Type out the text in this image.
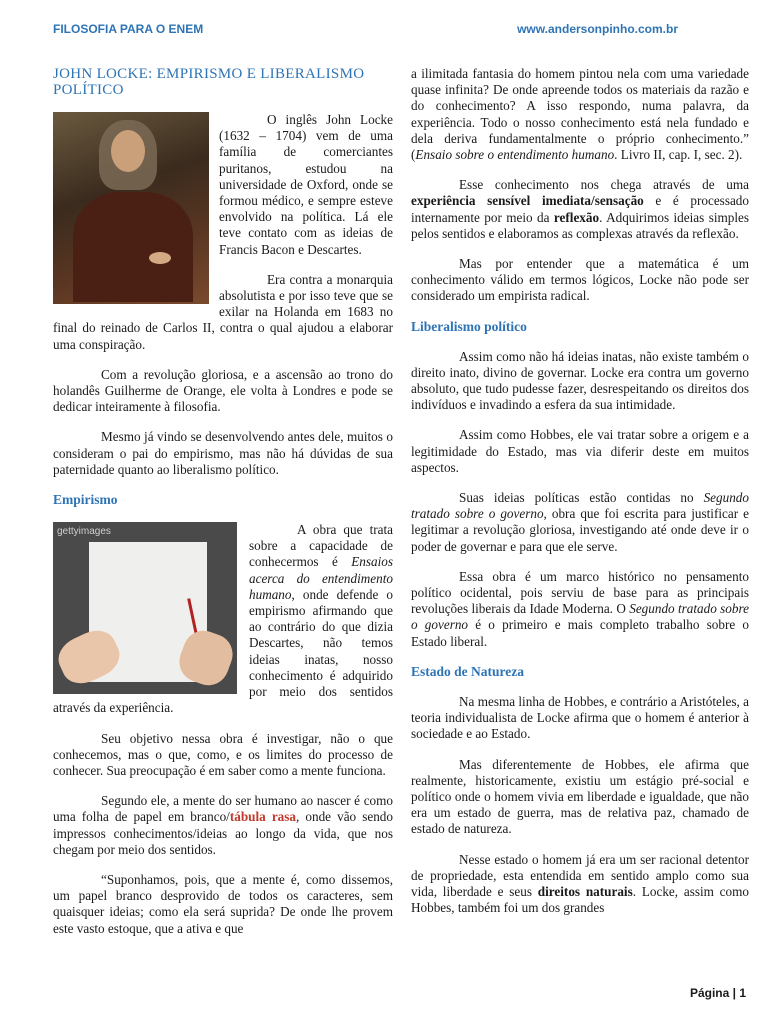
FILOSOFIA PARA O ENEM	www.andersonpinho.com.br
JOHN LOCKE: EMPIRISMO E LIBERALISMO POLÍTICO

O inglês John Locke (1632 – 1704) vem de uma família de comerciantes puritanos, estudou na universidade de Oxford, onde se formou médico, e sempre esteve envolvido na política. Lá ele teve contato com as ideias de Francis Bacon e Descartes.

Era contra a monarquia absolutista e por isso teve que se exilar na Holanda em 1683 no final do reinado de Carlos II, contra o qual ajudou a elaborar uma conspiração.

Com a revolução gloriosa, e a ascensão ao trono do holandês Guilherme de Orange, ele volta à Londres e pode se dedicar inteiramente à filosofia.

Mesmo já vindo se desenvolvendo antes dele, muitos o consideram o pai do empirismo, mas não há dúvidas de sua paternidade quanto ao liberalismo político.

Empirismo
gettyimages	A obra que trata sobre a capacidade de conhecermos é Ensaios acerca do entendimento humano, onde defende o empirismo afirmando que ao contrário do que dizia Descartes, não temos ideias inatas, nosso conhecimento é adquirido por meio dos sentidos através da experiência.

Seu objetivo nessa obra é investigar, não o que conhecemos, mas o que, como, e os limites do processo de conhecer. Sua preocupação é em saber como a mente funciona.

Segundo ele, a mente do ser humano ao nascer é como uma folha de papel em branco/tábula rasa, onde vão sendo impressos conhecimentos/ideias ao longo da vida, que nos chegam por meio dos sentidos.

“Suponhamos, pois, que a mente é, como dissemos, um papel branco desprovido de todos os caracteres, sem quaisquer ideias; como ela será suprida? De onde lhe provem este vasto estoque, que a ativa e que

a ilimitada fantasia do homem pintou nela com uma variedade quase infinita? De onde apreende todos os materiais da razão e do conhecimento? A isso respondo, numa palavra, da experiência. Todo o nosso conhecimento está nela fundado e dela deriva fundamentalmente o próprio conhecimento.” (Ensaio sobre o entendimento humano. Livro II, cap. I, sec. 2).

Esse conhecimento nos chega através de uma experiência sensível imediata/sensação e é processado internamente por meio da reflexão. Adquirimos ideias simples pelos sentidos e elaboramos as complexas através da reflexão.

Mas por entender que a matemática é um conhecimento válido em termos lógicos, Locke não pode ser considerado um empirista radical.

Liberalismo político

Assim como não há ideias inatas, não existe também o direito inato, divino de governar. Locke era contra um governo absoluto, que tudo pudesse fazer, desrespeitando os direitos dos indivíduos e invadindo a esfera da sua intimidade.

Assim como Hobbes, ele vai tratar sobre a origem e a legitimidade do Estado, mas via diferir deste em muitos aspectos.

Suas ideias políticas estão contidas no Segundo tratado sobre o governo, obra que foi escrita para justificar e legitimar a revolução gloriosa, investigando até onde deve ir o poder de governar e para que ele serve.

Essa obra é um marco histórico no pensamento político ocidental, pois serviu de base para as principais revoluções liberais da Idade Moderna. O Segundo tratado sobre o governo é o primeiro e mais completo trabalho sobre o Estado liberal.

Estado de Natureza

Na mesma linha de Hobbes, e contrário a Aristóteles, a teoria individualista de Locke afirma que o homem é anterior à sociedade e ao Estado.

Mas diferentemente de Hobbes, ele afirma que realmente, historicamente, existiu um estágio pré-social e político onde o homem vivia em liberdade e igualdade, que não era um estado de guerra, mas de relativa paz, chamado de estado de natureza.

Nesse estado o homem já era um ser racional detentor de propriedade, esta entendida em sentido amplo como sua vida, liberdade e seus direitos naturais. Locke, assim como Hobbes, também foi um dos grandes

Página | 1
